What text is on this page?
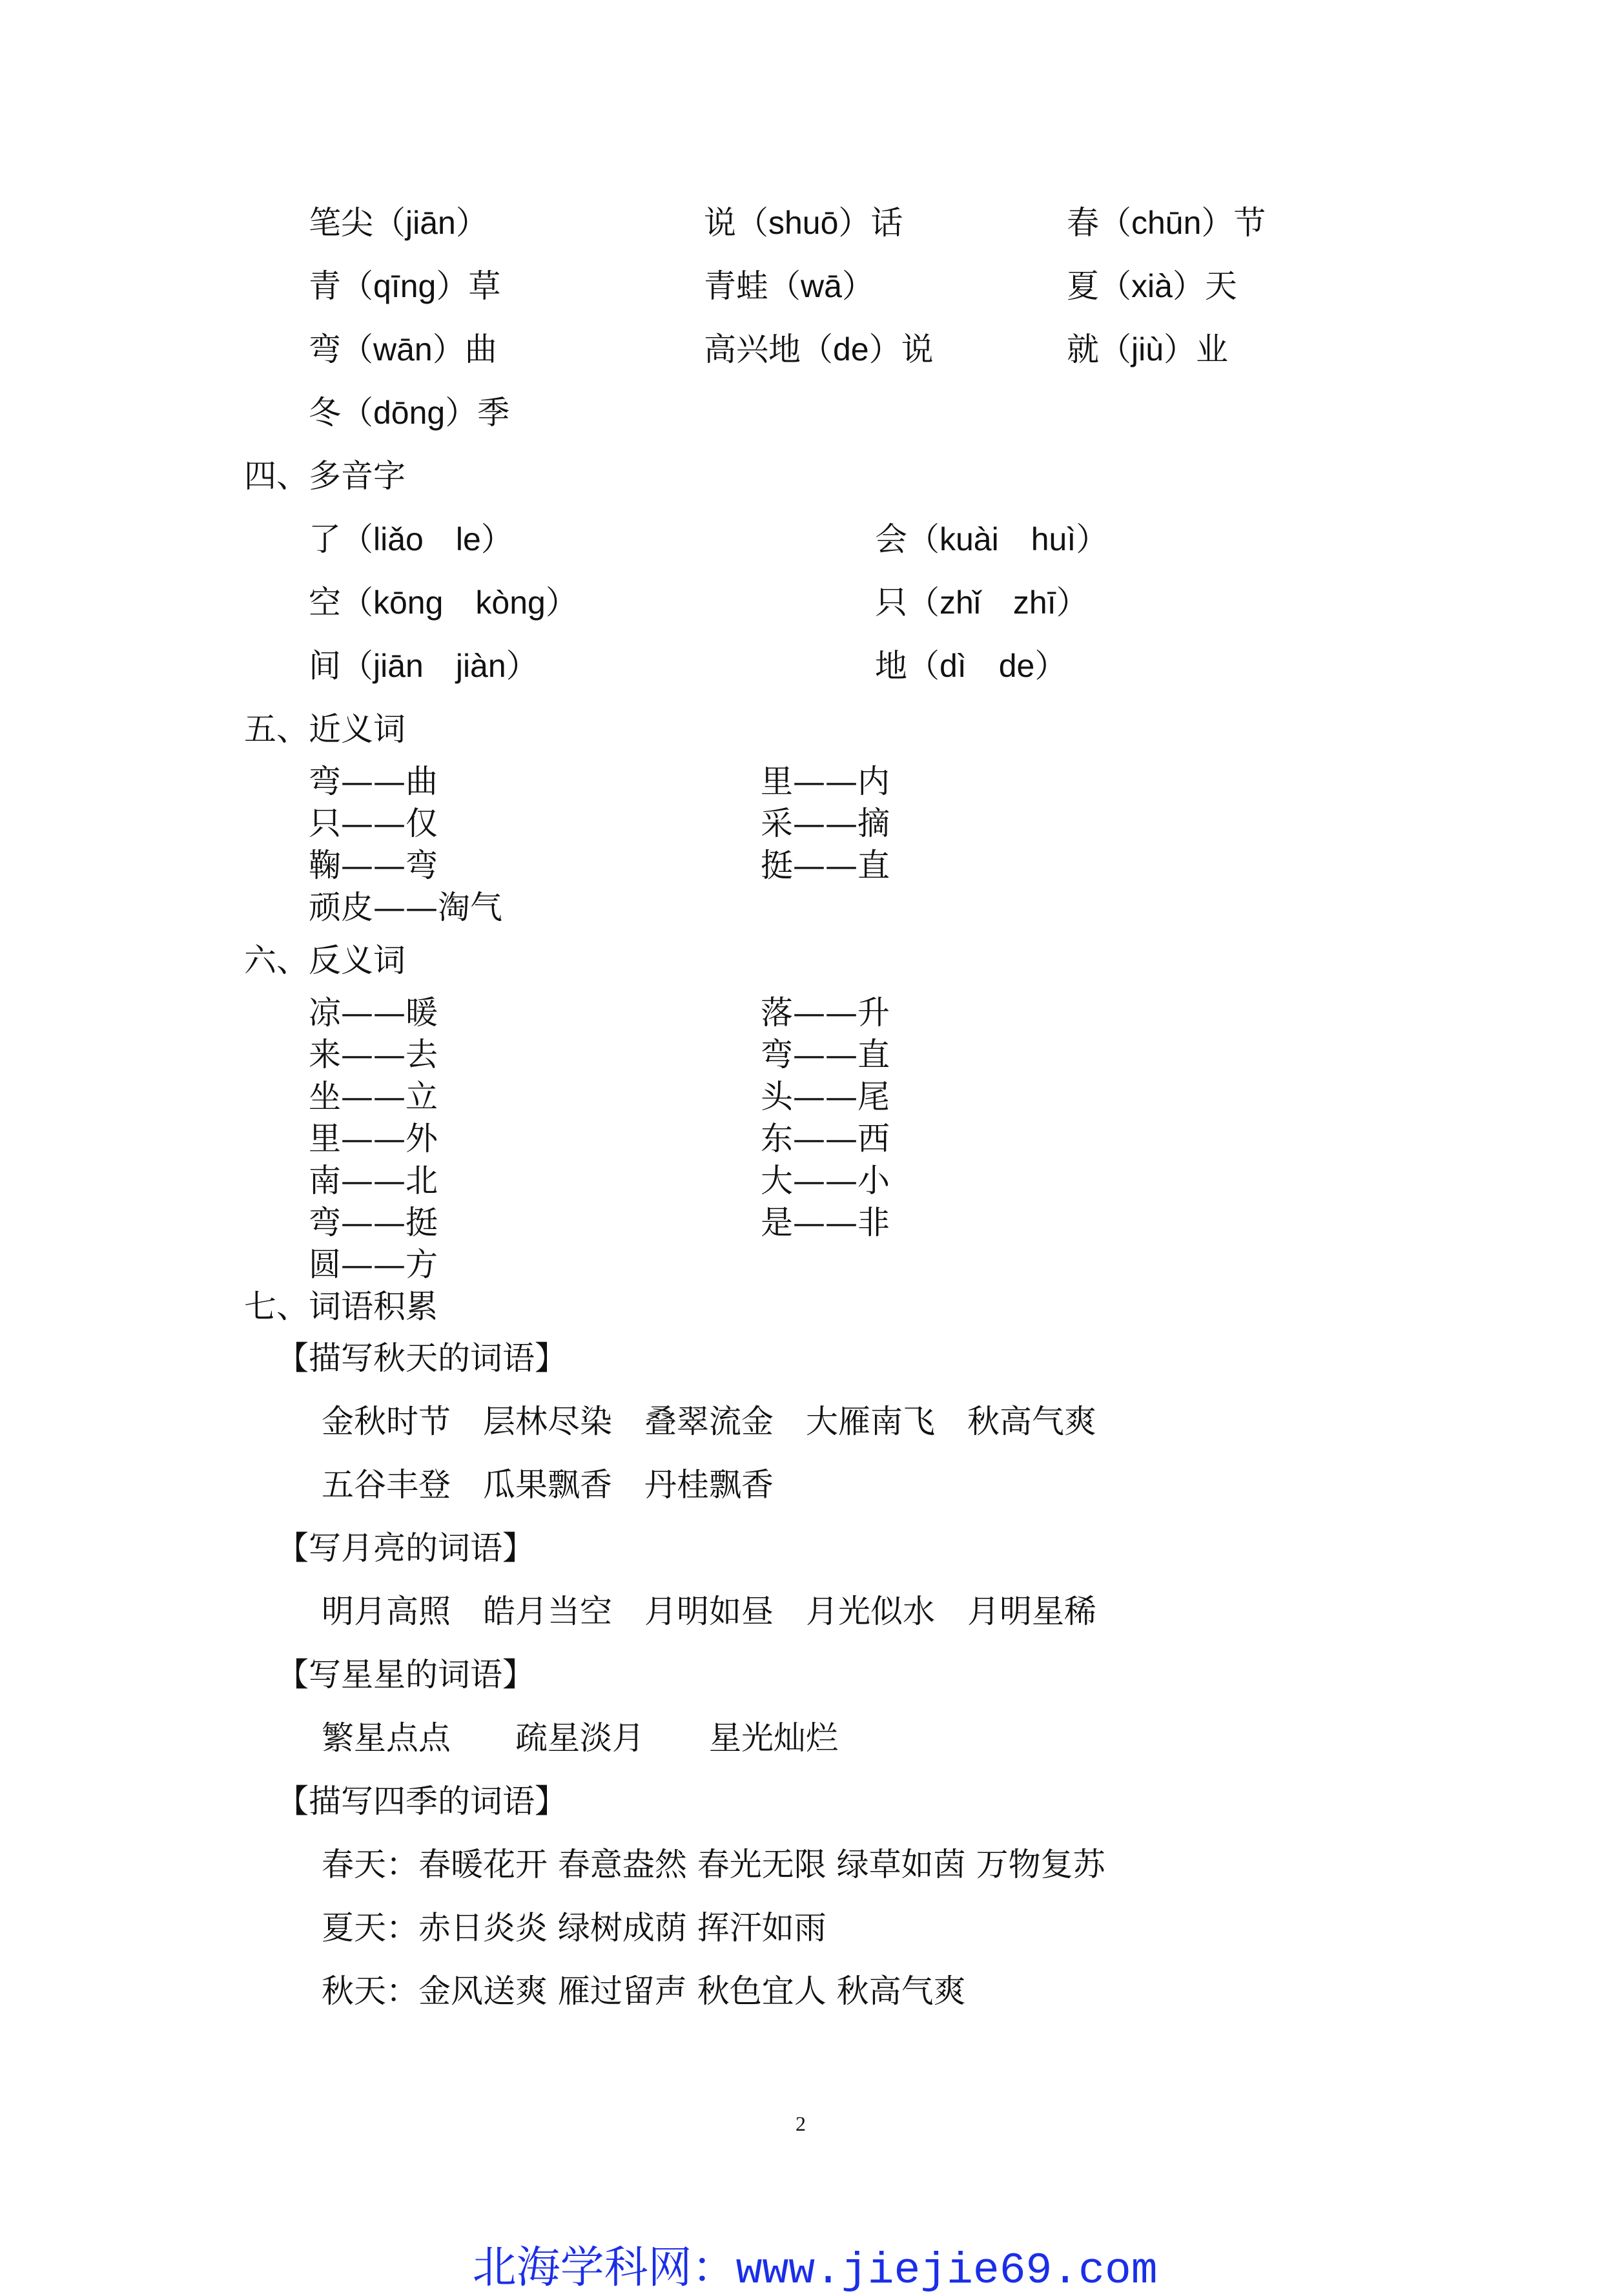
笔尖（jiān）	说（shuō）话	春（chūn）节
青（qīng）草	青蛙（wā）	夏（xià）天
弯（wān）曲	高兴地（de）说	就（jiù）业
冬（dōng）季
四、多音字
了（liǎo　le）	会（kuài　huì）
空（kōng　kòng）	只（zhǐ　zhī）
间（jiān　jiàn）	地（dì　de）
五、近义词
弯——曲	里——内
只——仅	采——摘
鞠——弯	挺——直
顽皮——淘气
六、反义词
凉——暖	落——升
来——去	弯——直
坐——立	头——尾
里——外	东——西
南——北	大——小
弯——挺	是——非
圆——方
七、词语积累
【描写秋天的词语】
金秋时节　层林尽染　叠翠流金　大雁南飞　秋高气爽
五谷丰登　瓜果飘香　丹桂飘香
【写月亮的词语】
明月高照　皓月当空　月明如昼　月光似水　月明星稀
【写星星的词语】
繁星点点　　疏星淡月　　星光灿烂
【描写四季的词语】
春天：春暖花开 春意盎然 春光无限 绿草如茵 万物复苏
夏天：赤日炎炎 绿树成荫 挥汗如雨
秋天：金风送爽 雁过留声 秋色宜人 秋高气爽
2

北海学科网：www.jiejie69.com
